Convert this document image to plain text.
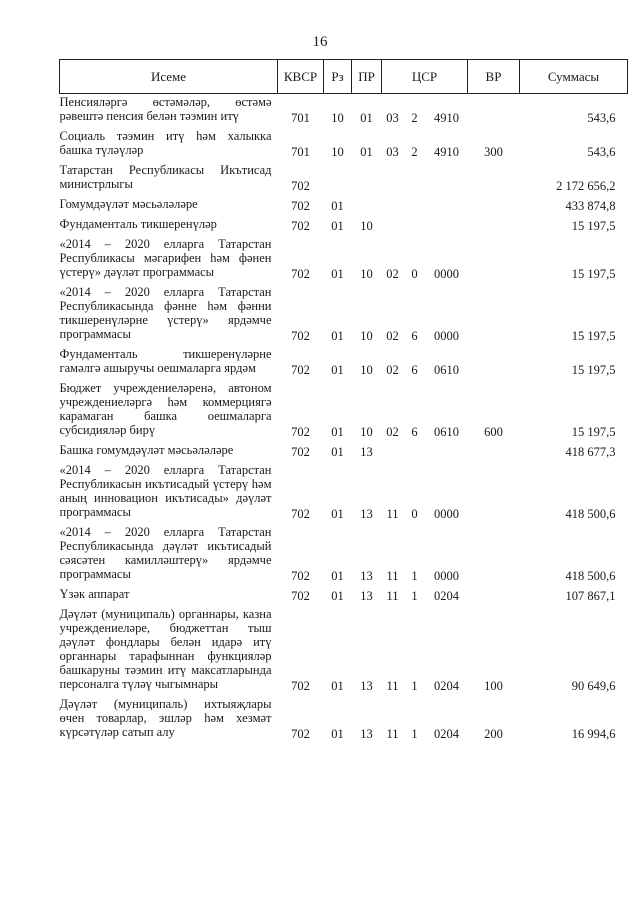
16
Исеме	КВСР	Рз	ПР	ЦСР			ВР	Суммасы
Пенсияләргә өстәмәләр, өстәмә рәвештә пенсия белән тәэмин итү	701	10	01	03	2	4910		543,6
Социаль тәэмин итү һәм халыкка башка түләүләр	701	10	01	03	2	4910	300	543,6
Татарстан Республикасы Икътисад министрлыгы	702							2 172 656,2
Гомумдәүләт мәсьәләләре	702	01						433 874,8
Фундаменталь тикшеренүләр	702	01	10					15 197,5
«2014 – 2020 елларга Татарстан Республикасы мәгарифен һәм фәнен үстерү» дәүләт программасы	702	01	10	02	0	0000		15 197,5
«2014 – 2020 елларга Татарстан Республикасында фәнне һәм фәнни тикшеренүләрне үстерү» ярдәмче программасы	702	01	10	02	6	0000		15 197,5
Фундаменталь тикшеренүләрне гамәлгә ашыручы оешмаларга ярдәм	702	01	10	02	6	0610		15 197,5
Бюджет учреждениеләренә, автоном учреждениеләргә һәм коммерциягә карамаган башка оешмаларга субсидияләр бирү	702	01	10	02	6	0610	600	15 197,5
Башка гомумдәүләт мәсьәләләре	702	01	13					418 677,3
«2014 – 2020 елларга Татарстан Республикасын икътисадый үстерү һәм аның инновацион икътисады» дәүләт программасы	702	01	13	11	0	0000		418 500,6
«2014 – 2020 елларга Татарстан Республикасында дәүләт икътисадый сәясәтен камилләштерү» ярдәмче программасы	702	01	13	11	1	0000		418 500,6
Үзәк аппарат	702	01	13	11	1	0204		107 867,1
Дәүләт (муниципаль) органнары, казна учреждениеләре, бюджеттан тыш дәүләт фондлары белән идарә итү органнары тарафыннан функцияләр башкаруны тәэмин итү максатларында персоналга түләү чыгымнары	702	01	13	11	1	0204	100	90 649,6
Дәүләт (муниципаль) ихтыяҗлары өчен товарлар, эшләр һәм хезмәт күрсәтүләр сатып алу	702	01	13	11	1	0204	200	16 994,6
